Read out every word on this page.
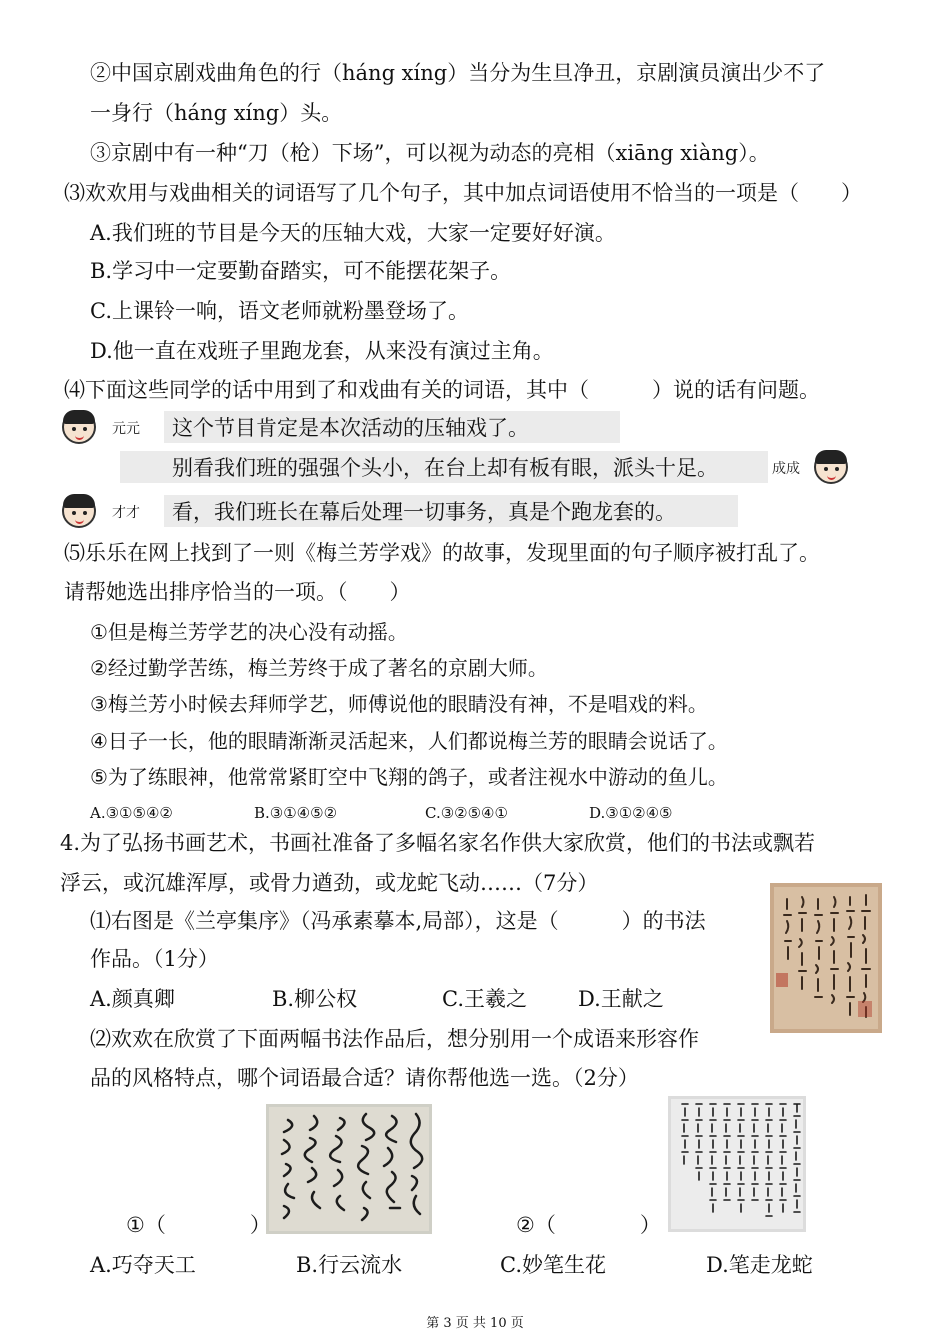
②中国京剧戏曲角色的行（háng xíng）当分为生旦净丑，京剧演员演出少不了
一身行（háng xíng）头。
③京剧中有一种“刀（枪）下场”，可以视为动态的亮相（xiāng xiàng）。
⑶欢欢用与戏曲相关的词语写了几个句子，其中加点词语使用不恰当的一项是（　　）
A.我们班的节目是今天的压轴大戏，大家一定要好好演。
B.学习中一定要勤奋踏实，可不能摆花架子。
C.上课铃一响，语文老师就粉墨登场了。
D.他一直在戏班子里跑龙套，从来没有演过主角。
⑷下面这些同学的话中用到了和戏曲有关的词语，其中（　　　）说的话有问题。
元元 这个节目肯定是本次活动的压轴戏了。
别看我们班的强强个头小，在台上却有板有眼，派头十足。	成成
才才 看，我们班长在幕后处理一切事务，真是个跑龙套的。
⑸乐乐在网上找到了一则《梅兰芳学戏》的故事，发现里面的句子顺序被打乱了。
请帮她选出排序恰当的一项。（　　）
①但是梅兰芳学艺的决心没有动摇。
②经过勤学苦练，梅兰芳终于成了著名的京剧大师。
③梅兰芳小时候去拜师学艺，师傅说他的眼睛没有神，不是唱戏的料。
④日子一长，他的眼睛渐渐灵活起来，人们都说梅兰芳的眼睛会说话了。
⑤为了练眼神，他常常紧盯空中飞翔的鸽子，或者注视水中游动的鱼儿。
A.③①⑤④②	B.③①④⑤②	C.③②⑤④①	D.③①②④⑤
4.为了弘扬书画艺术，书画社准备了多幅名家名作供大家欣赏，他们的书法或飘若
浮云，或沉雄浑厚，或骨力遒劲，或龙蛇飞动……（7分）
⑴右图是《兰亭集序》（冯承素摹本,局部），这是（　　　）的书法
作品。（1分）
A.颜真卿	B.柳公权	C.王羲之 D.王献之
⑵欢欢在欣赏了下面两幅书法作品后，想分别用一个成语来形容作
品的风格特点，哪个词语最合适？请你帮他选一选。（2分）
①（　　　　）	②（　　　　）
A.巧夺天工	B.行云流水	C.妙笔生花	D.笔走龙蛇
第 3 页 共 10 页
